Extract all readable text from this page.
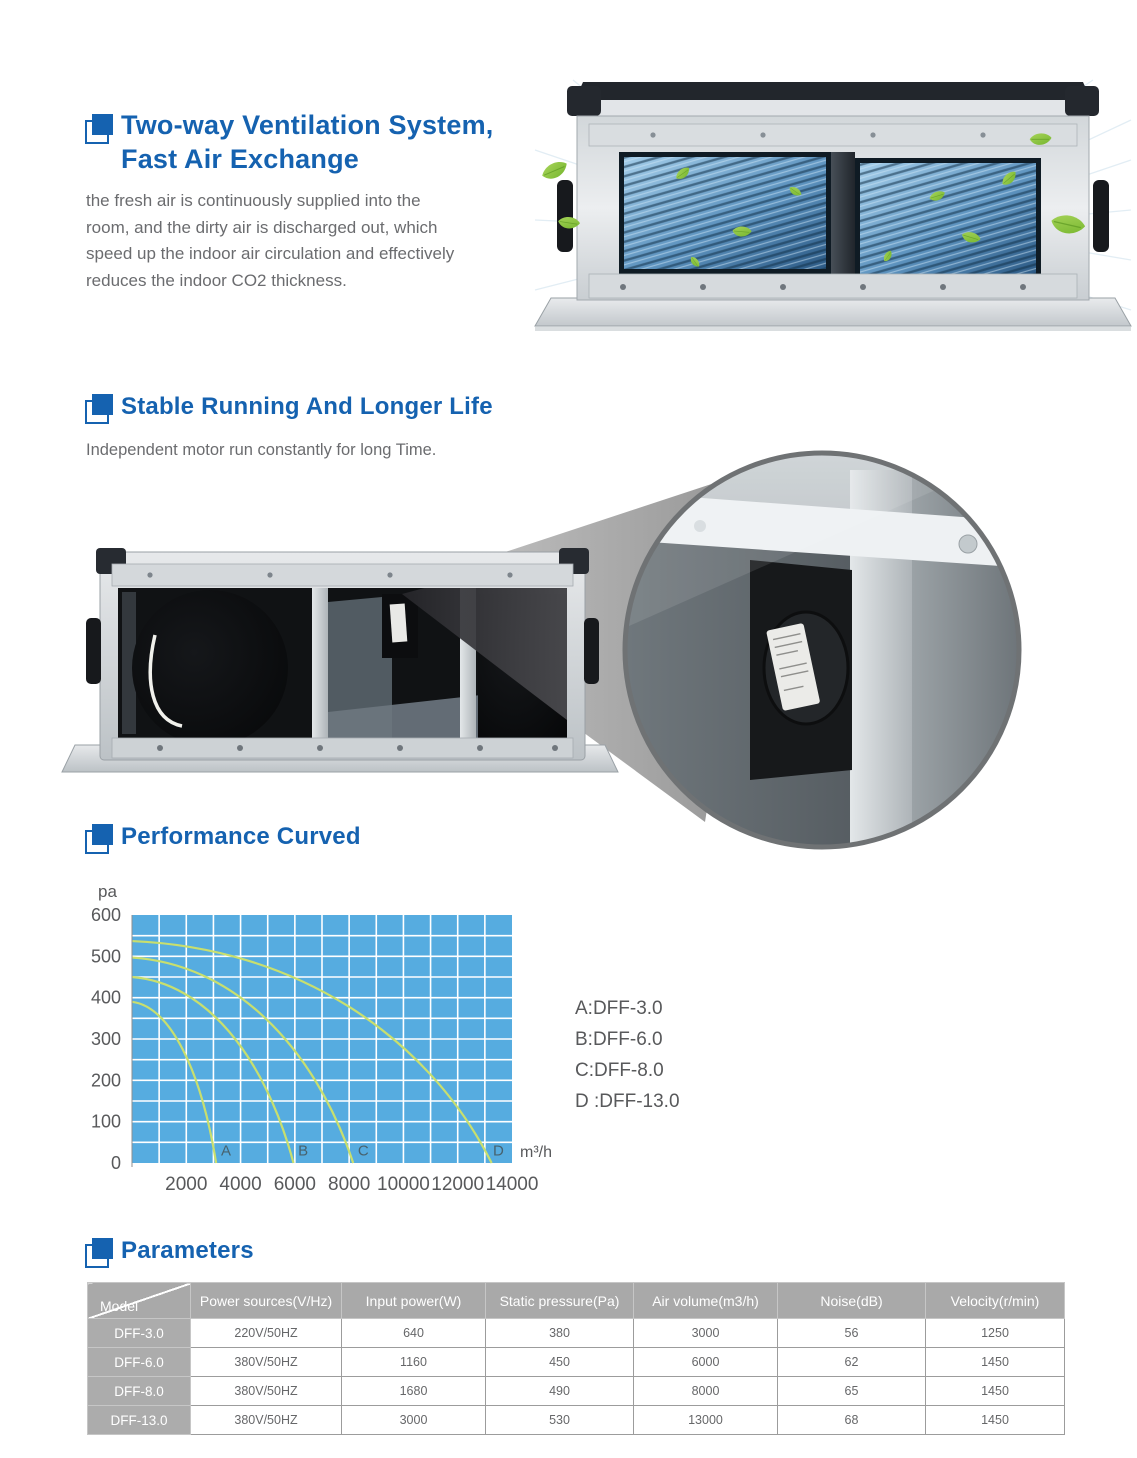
Two-way Ventilation System,
Fast Air Exchange
the fresh air is continuously supplied into the
room, and the dirty air is discharged out, which
speed up the indoor air circulation and effectively
reduces the indoor CO2 thickness.
Stable Running And Longer Life
Independent motor run constantly for long Time.
Performance Curved
A	B	C	D
0
100
200
300
400
500
600
2000 4000 6000 8000 10000 12000 14000
pa
m³/h
A:DFF-3.0
B:DFF-6.0
C:DFF-8.0
D :DFF-13.0
Parameters
Model	Power sources(V/Hz)	Input power(W)	Static pressure(Pa)	Air volume(m3/h)	Noise(dB)	Velocity(r/min)
DFF-3.0	220V/50HZ	640	380	3000	56	1250
DFF-6.0	380V/50HZ	1160	450	6000	62	1450
DFF-8.0	380V/50HZ	1680	490	8000	65	1450
DFF-13.0	380V/50HZ	3000	530	13000	68	1450
